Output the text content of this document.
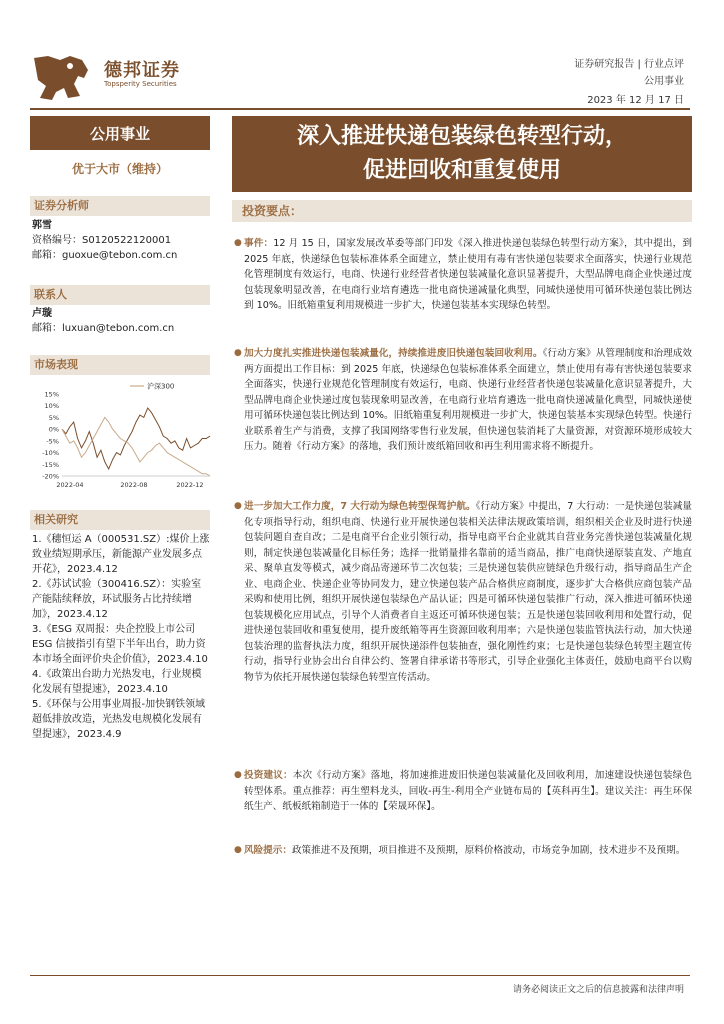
德邦证券
Topsperity Securities
证券研究报告 | 行业点评
公用事业
2023 年 12 月 17 日
公用事业
优于大市（维持）
证券分析师
郭雪
资格编号：S0120522120001
邮箱：guoxue@tebon.com.cn
联系人
卢璇
邮箱：luxuan@tebon.com.cn
市场表现
15%
10%
5%
0%
-5%
-10%
-15%
-20%
2022-04	2022-08	2022-12
沪深300
相关研究
1.《穗恒运 A（000531.SZ）:煤价上涨致业绩短期承压，新能源产业发展多点开花》，2023.4.12
2.《苏试试验（300416.SZ）：实验室产能陆续释放，环试服务占比持续增加》，2023.4.12
3.《ESG 双周报：央企控股上市公司 ESG 信披指引有望下半年出台，助力资本市场全面评价央企价值》，2023.4.10
4.《政策出台助力光热发电，行业规模化发展有望提速》，2023.4.10
5.《环保与公用事业周报-加快钢铁领域超低排放改造，光热发电规模化发展有望提速》，2023.4.9
深入推进快递包装绿色转型行动，
促进回收和重复使用
投资要点：
● 事件：12 月 15 日，国家发展改革委等部门印发《深入推进快递包装绿色转型行动方案》，其中提出，到 2025 年底，快递绿色包装标准体系全面建立，禁止使用有毒有害快递包装要求全面落实，快递行业规范化管理制度有效运行，电商、快递行业经营者快递包装减量化意识显著提升，大型品牌电商企业快递过度包装现象明显改善，在电商行业培育遴选一批电商快递减量化典型，同城快递使用可循环快递包装比例达到 10%。旧纸箱重复利用规模进一步扩大，快递包装基本实现绿色转型。
● 加大力度扎实推进快递包装减量化，持续推进废旧快递包装回收利用。《行动方案》从管理制度和治理成效两方面提出工作目标：到 2025 年底，快递绿色包装标准体系全面建立，禁止使用有毒有害快递包装要求全面落实，快递行业规范化管理制度有效运行，电商、快递行业经营者快递包装减量化意识显著提升，大型品牌电商企业快递过度包装现象明显改善，在电商行业培育遴选一批电商快递减量化典型，同城快递使用可循环快递包装比例达到 10%。旧纸箱重复利用规模进一步扩大，快递包装基本实现绿色转型。快递行业联系着生产与消费，支撑了我国网络零售行业发展，但快递包装消耗了大量资源，对资源环境形成较大压力。随着《行动方案》的落地，我们预计废纸箱回收和再生利用需求将不断提升。
● 进一步加大工作力度，7 大行动为绿色转型保驾护航。《行动方案》中提出，7 大行动：一是快递包装减量化专项指导行动，组织电商、快递行业开展快递包装相关法律法规政策培训，组织相关企业及时进行快递包装问题自查自改；二是电商平台企业引领行动，指导电商平台企业就其自营业务完善快递包装减量化规则，制定快递包装减量化目标任务；选择一批销量排名靠前的适当商品，推广电商快递原装直发、产地直采、聚单直发等模式，减少商品寄递环节二次包装；三是快递包装供应链绿色升级行动，指导商品生产企业、电商企业、快递企业等协同发力，建立快递包装产品合格供应商制度，逐步扩大合格供应商包装产品采购和使用比例，组织开展快递包装绿色产品认证；四是可循环快递包装推广行动，深入推进可循环快递包装规模化应用试点，引导个人消费者自主返还可循环快递包装；五是快递包装回收利用和处置行动，促进快递包装回收和重复使用，提升废纸箱等再生资源回收利用率；六是快递包装监管执法行动，加大快递包装治理的监督执法力度，组织开展快递添件包装抽查，强化刚性约束；七是快递包装绿色转型主题宣传行动，指导行业协会出台自律公约、签署自律承诺书等形式，引导企业强化主体责任，鼓励电商平台以购物节为依托开展快递包装绿色转型宣传活动。
● 投资建议：本次《行动方案》落地，将加速推进废旧快递包装减量化及回收利用，加速建设快递包装绿色转型体系。重点推荐：再生塑料龙头，回收-再生-利用全产业链布局的【英科再生】。建议关注：再生环保纸生产、纸板纸箱制造于一体的【荣晟环保】。
● 风险提示：政策推进不及预期，项目推进不及预期，原料价格波动，市场竞争加剧，技术进步不及预期。
请务必阅读正文之后的信息披露和法律声明
